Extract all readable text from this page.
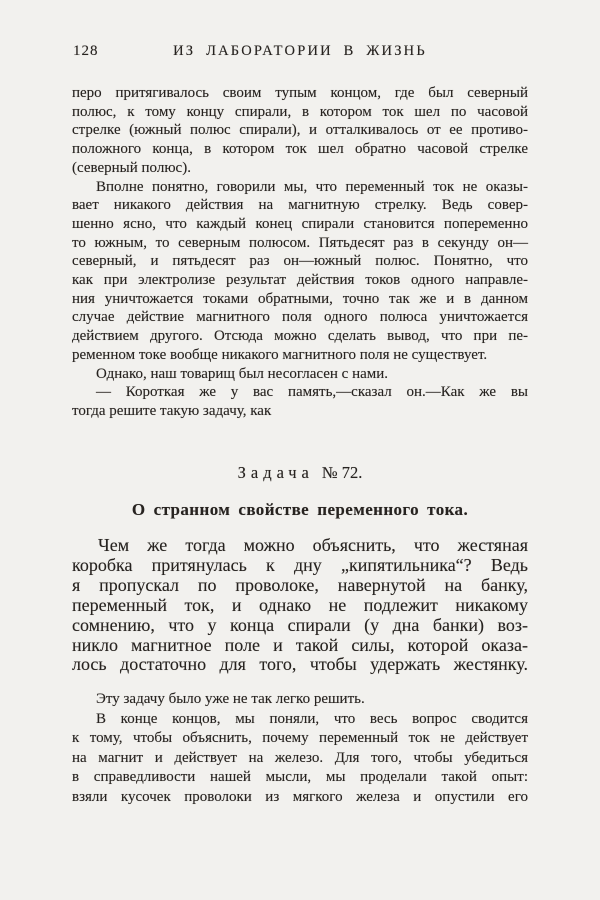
128	ИЗ ЛАБОРАТОРИИ В ЖИЗНЬ
перо притягивалось своим тупым концом, где был северный
полюс, к тому концу спирали, в котором ток шел по часовой
стрелке (южный полюс спирали), и отталкивалось от ее противо-
положного конца, в котором ток шел обратно часовой стрелке
(северный полюс).
Вполне понятно, говорили мы, что переменный ток не оказы-
вает никакого действия на магнитную стрелку. Ведь совер-
шенно ясно, что каждый конец спирали становится попеременно
то южным, то северным полюсом. Пятьдесят раз в секунду он—
северный, и пятьдесят раз он—южный полюс. Понятно, что
как при электролизе результат действия токов одного направле-
ния уничтожается токами обратными, точно так же и в данном
случае действие магнитного поля одного полюса уничтожается
действием другого. Отсюда можно сделать вывод, что при пе-
ременном токе вообще никакого магнитного поля не существует.
Однако, наш товарищ был несогласен с нами.
— Короткая же у вас память,—сказал он.—Как же вы
тогда решите такую задачу, как
Задача № 72.
О странном свойстве переменного тока.
Чем же тогда можно объяснить, что жестяная
коробка притянулась к дну „кипятильника“? Ведь
я пропускал по проволоке, навернутой на банку,
переменный ток, и однако не подлежит никакому
сомнению, что у конца спирали (у дна банки) воз-
никло магнитное поле и такой силы, которой оказа-
лось достаточно для того, чтобы удержать жестянку.
Эту задачу было уже не так легко решить.
В конце концов, мы поняли, что весь вопрос сводится
к тому, чтобы объяснить, почему переменный ток не действует
на магнит и действует на железо. Для того, чтобы убедиться
в справедливости нашей мысли, мы проделали такой опыт:
взяли кусочек проволоки из мягкого железа и опустили его
